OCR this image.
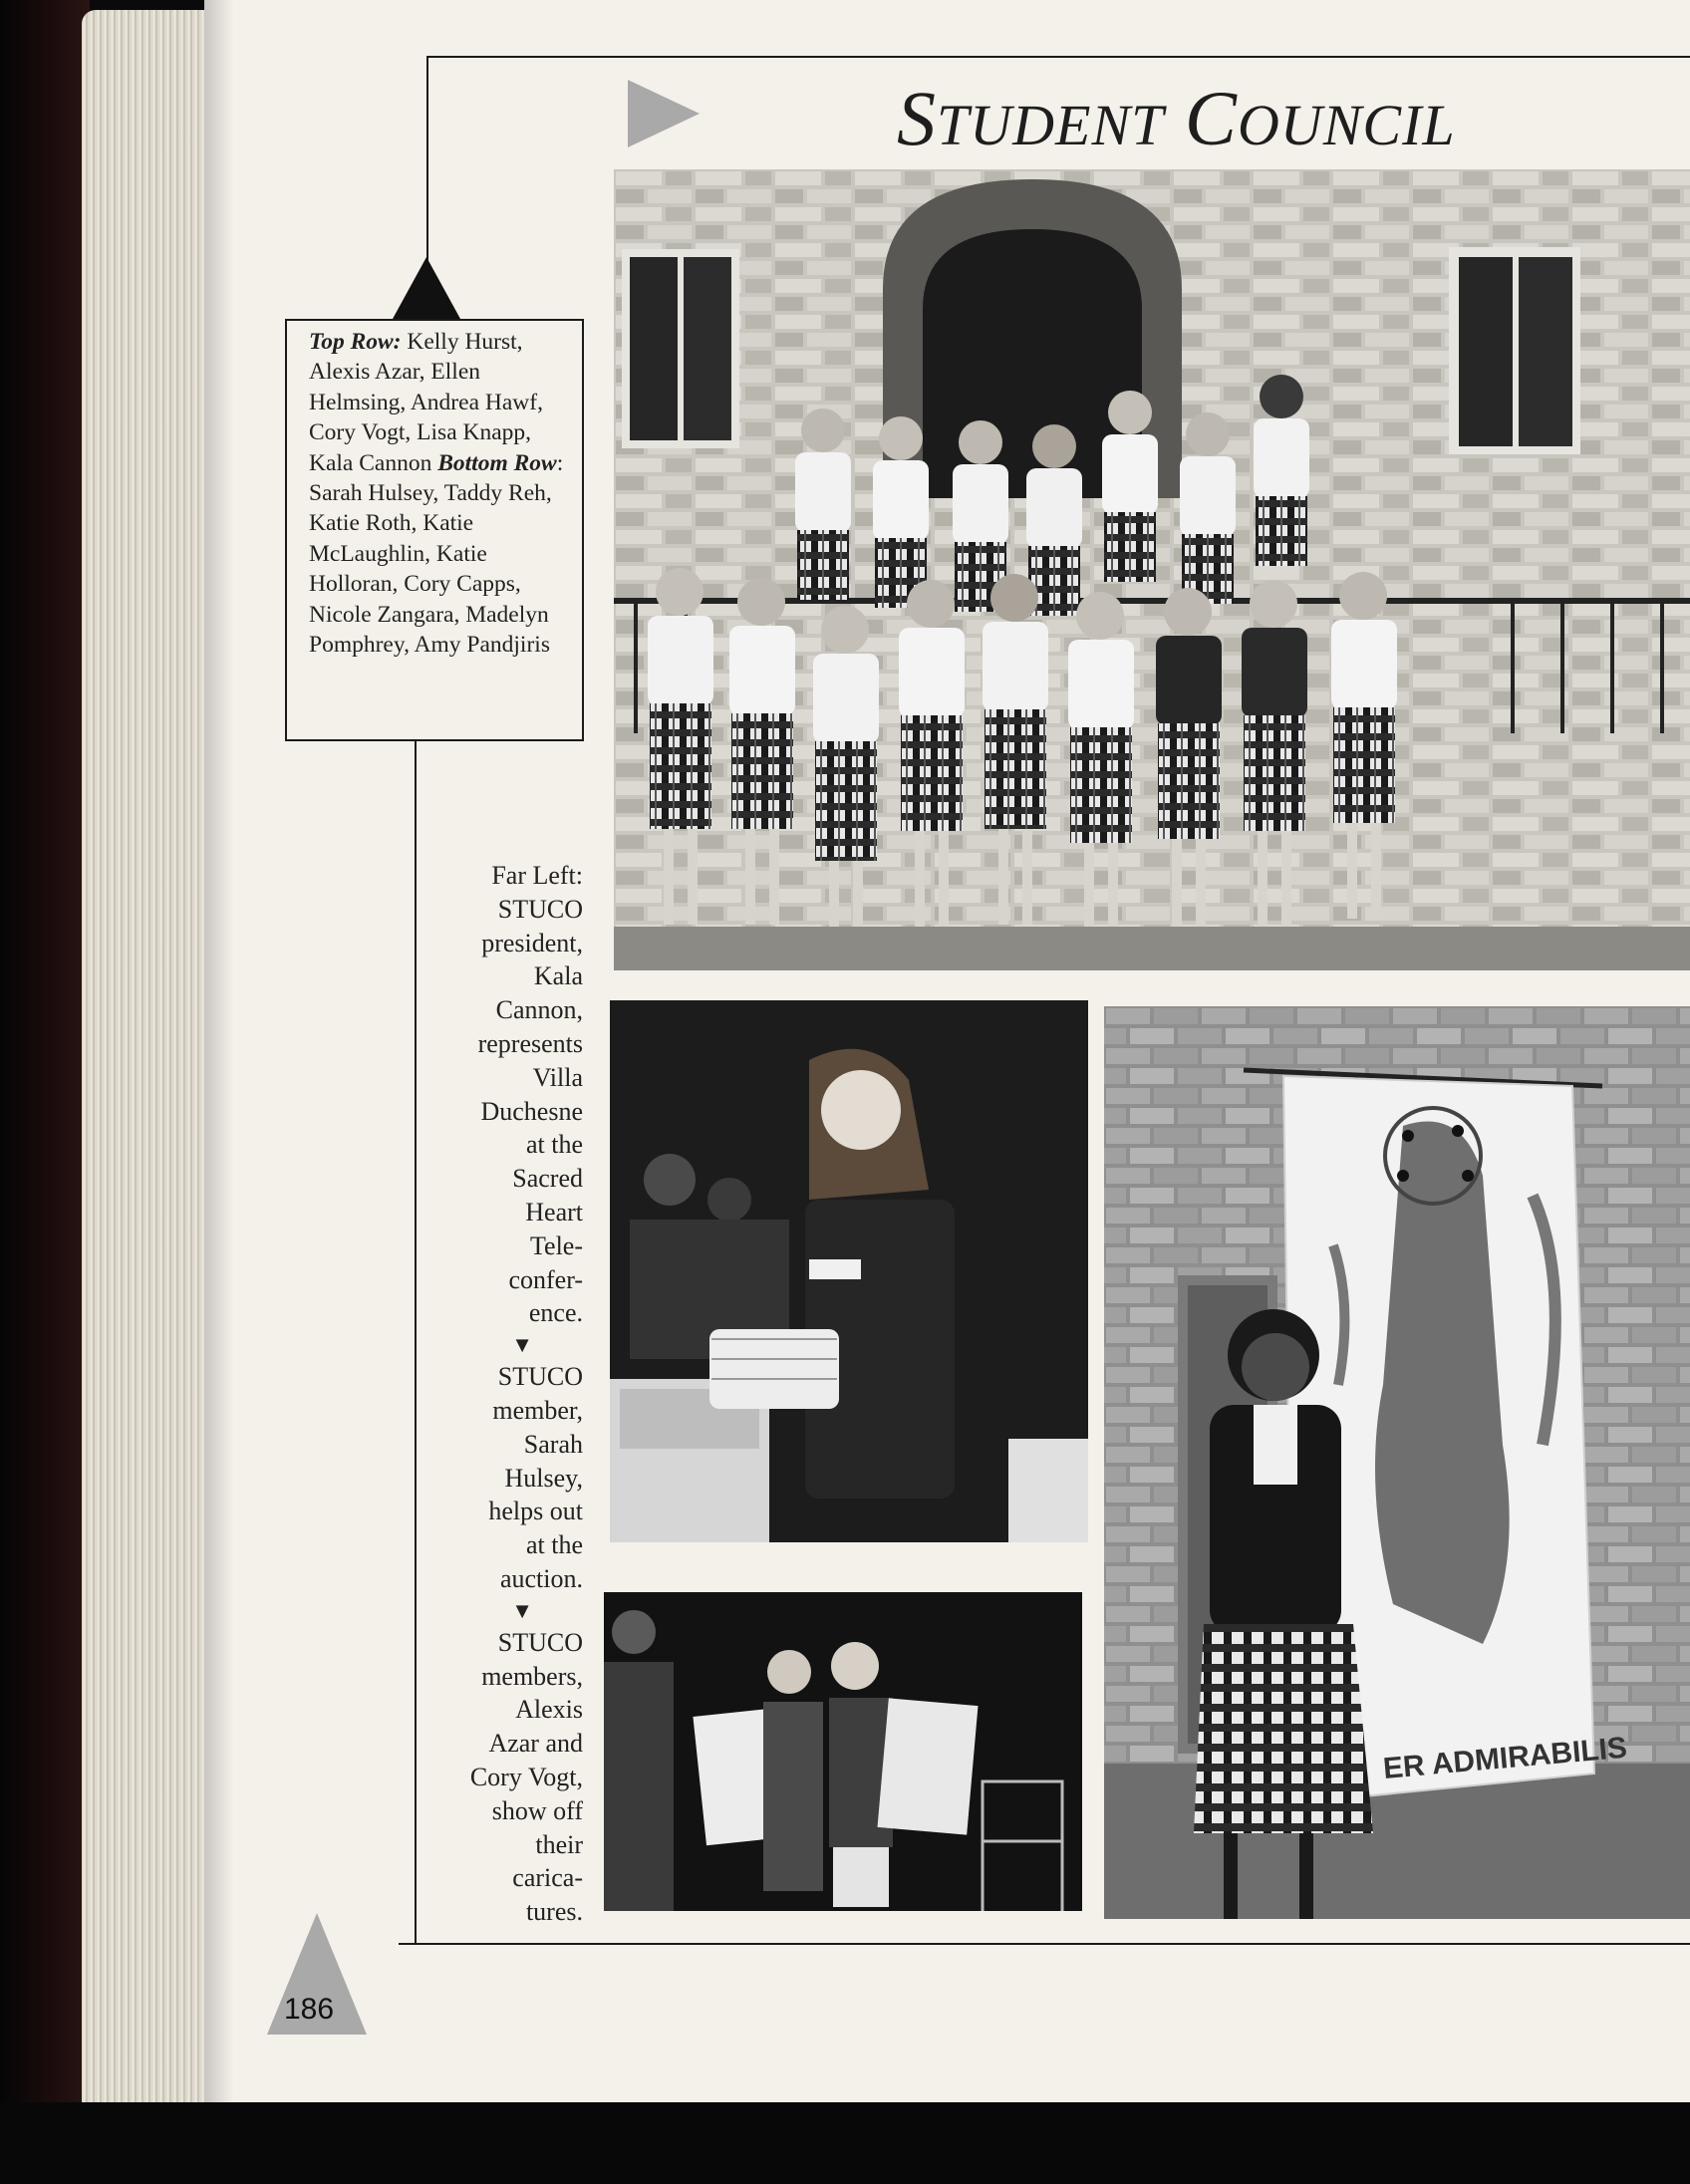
STUDENT COUNCIL
Top Row: Kelly Hurst, Alexis Azar, Ellen Helmsing, Andrea Hawf, Cory Vogt, Lisa Knapp, Kala Cannon Bottom Row: Sarah Hulsey, Taddy Reh, Katie Roth, Katie McLaughlin, Katie Holloran, Cory Capps, Nicole Zangara, Madelyn Pomphrey, Amy Pandjiris
Far Left:
STUCO
president,
Kala
Cannon,
represents
Villa
Duchesne
at the
Sacred
Heart
Tele-
confer-
ence.
▼
STUCO
member,
Sarah
Hulsey,
helps out
at the
auction.
▼
STUCO
members,
Alexis
Azar and
Cory Vogt,
show off
their
carica-
tures.
ER ADMIRABILIS
186
